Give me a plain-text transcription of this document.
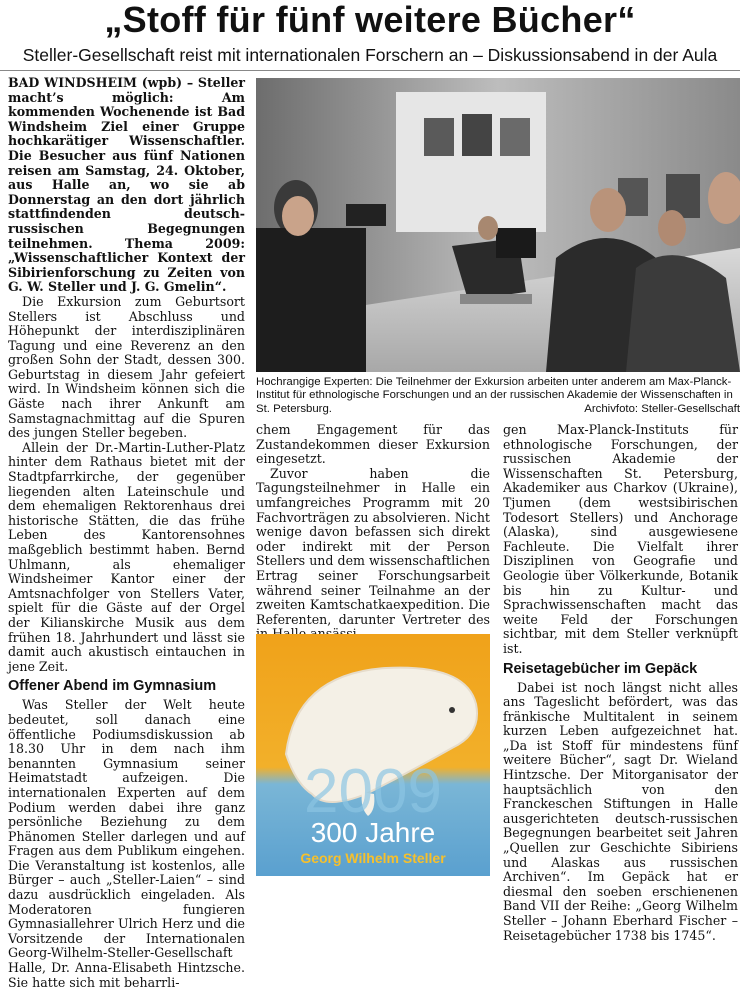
„Stoff für fünf weitere Bücher“
Steller-Gesellschaft reist mit internationalen Forschern an – Diskussionsabend in der Aula

BAD WINDSHEIM (wpb) – Steller macht’s möglich: Am kommenden Wochenende ist Bad Windsheim Ziel einer Gruppe hochkarätiger Wissenschaftler. Die Besucher aus fünf Nationen reisen am Samstag, 24. Oktober, aus Halle an, wo sie ab Donnerstag an den dort jährlich stattfindenden deutsch-russischen Begegnungen teilnehmen. Thema 2009: „Wissenschaftlicher Kontext der Sibirienforschung zu Zeiten von G. W. Steller und J. G. Gmelin“.

Die Exkursion zum Geburtsort Stellers ist Abschluss und Höhepunkt der interdisziplinären Tagung und eine Reverenz an den großen Sohn der Stadt, dessen 300. Geburtstag in diesem Jahr gefeiert wird. In Windsheim können sich die Gäste nach ihrer Ankunft am Samstagnachmittag auf die Spuren des jungen Steller begeben.

Allein der Dr.-Martin-Luther-Platz hinter dem Rathaus bietet mit der Stadtpfarrkirche, der gegenüber liegenden alten Lateinschule und dem ehemaligen Rektorenhaus drei historische Stätten, die das frühe Leben des Kantorensohnes maßgeblich bestimmt haben. Bernd Uhlmann, als ehemaliger Windsheimer Kantor einer der Amtsnachfolger von Stellers Vater, spielt für die Gäste auf der Orgel der Kilianskirche Musik aus dem frühen 18. Jahrhundert und lässt sie damit auch akustisch eintauchen in jene Zeit.

Offener Abend im Gymnasium

Was Steller der Welt heute bedeutet, soll danach eine öffentliche Podiumsdiskussion ab 18.30 Uhr in dem nach ihm benannten Gymnasium seiner Heimatstadt aufzeigen. Die internationalen Experten auf dem Podium werden dabei ihre ganz persönliche Beziehung zu dem Phänomen Steller darlegen und auf Fragen aus dem Publikum eingehen. Die Veranstaltung ist kostenlos, alle Bürger – auch „Steller-Laien“ – sind dazu ausdrücklich eingeladen. Als Moderatoren fungieren Gymnasiallehrer Ulrich Herz und die Vorsitzende der Internationalen Georg-Wilhelm-Steller-Gesellschaft Halle, Dr. Anna-Elisabeth Hintzsche. Sie hatte sich mit beharrli-

Hochrangige Experten: Die Teilnehmer der Exkursion arbeiten unter anderem am Max-Planck-Institut für ethnologische Forschungen und an der russischen Akademie der Wissenschaften in St. Petersburg.	Archivfoto: Steller-Gesellschaft

chem Engagement für das Zustandekommen dieser Exkursion eingesetzt.

Zuvor haben die Tagungsteilnehmer in Halle ein umfangreiches Programm mit 20 Fachvorträgen zu absolvieren. Nicht wenige davon befassen sich direkt oder indirekt mit der Person Stellers und dem wissenschaftlichen Ertrag seiner Forschungsarbeit während seiner Teilnahme an der zweiten Kamtschatkaexpedition. Die Referenten, darunter Vertreter des

2009
300 Jahre
Georg Wilhelm Steller

gen Max-Planck-Instituts für ethnologische Forschungen, der russischen Akademie der Wissenschaften St. Petersburg, Akademiker aus Charkov (Ukraine), Tjumen (dem westsibirischen Todesort Stellers) und Anchorage (Alaska), sind ausgewiesene Fachleute. Die Vielfalt ihrer Disziplinen von Geografie und Geologie über Völkerkunde, Botanik bis hin zu Kultur- und Sprachwissenschaften macht das weite Feld der Forschungen sichtbar, mit dem Steller verknüpft ist.

Reisetagebücher im Gepäck

Dabei ist noch längst nicht alles ans Tageslicht befördert, was das fränkische Multitalent in seinem kurzen Leben aufgezeichnet hat. „Da ist Stoff für mindestens fünf weitere Bücher“, sagt Dr. Wieland Hintzsche. Der Mitorganisator der hauptsächlich von den Franckeschen Stiftungen in Halle ausgerichteten deutsch-russischen Begegnungen bearbeitet seit Jahren „Quellen zur Geschichte Sibiriens und Alaskas aus russischen Archiven“. Im Gepäck hat er diesmal den soeben erschienenen Band VII der Reihe: „Georg Wilhelm Steller – Johann Eberhard Fischer – Reisetagebücher 1738 bis 1745“.
